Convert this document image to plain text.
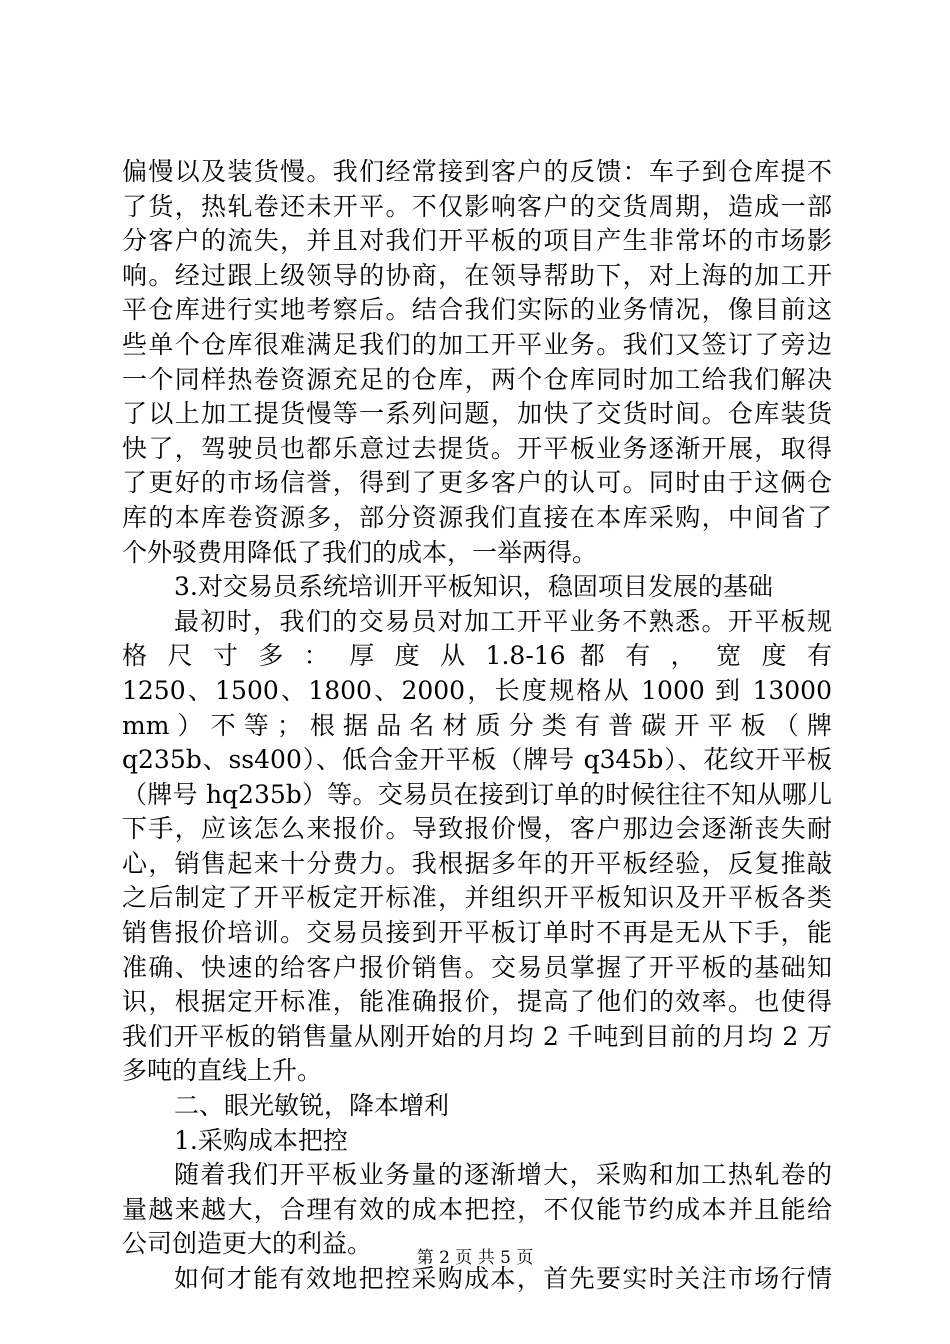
偏慢以及装货慢。我们经常接到客户的反馈：车子到仓库提不
了货，热轧卷还未开平。不仅影响客户的交货周期，造成一部
分客户的流失，并且对我们开平板的项目产生非常坏的市场影
响。经过跟上级领导的协商，在领导帮助下，对上海的加工开
平仓库进行实地考察后。结合我们实际的业务情况，像目前这
些单个仓库很难满足我们的加工开平业务。我们又签订了旁边
一个同样热卷资源充足的仓库，两个仓库同时加工给我们解决
了以上加工提货慢等一系列问题，加快了交货时间。仓库装货
快了，驾驶员也都乐意过去提货。开平板业务逐渐开展，取得
了更好的市场信誉，得到了更多客户的认可。同时由于这俩仓
库的本库卷资源多，部分资源我们直接在本库采购，中间省了
个外驳费用降低了我们的成本，一举两得。
3.对交易员系统培训开平板知识，稳固项目发展的基础
最初时，我们的交易员对加工开平业务不熟悉。开平板规
格 尺 寸 多 ： 厚 度 从 1.8-16 都 有 ， 宽 度 有
1250、1500、1800、2000，长度规格从 1000 到 13000
mm ） 不 等 ； 根 据 品 名 材 质 分 类 有 普 碳 开 平 板 （ 牌
q235b、ss400）、低合金开平板（牌号 q345b）、花纹开平板
（牌号 hq235b）等。交易员在接到订单的时候往往不知从哪儿
下手，应该怎么来报价。导致报价慢，客户那边会逐渐丧失耐
心，销售起来十分费力。我根据多年的开平板经验，反复推敲
之后制定了开平板定开标准，并组织开平板知识及开平板各类
销售报价培训。交易员接到开平板订单时不再是无从下手，能
准确、快速的给客户报价销售。交易员掌握了开平板的基础知
识，根据定开标准，能准确报价，提高了他们的效率。也使得
我们开平板的销售量从刚开始的月均 2 千吨到目前的月均 2 万
多吨的直线上升。
二、眼光敏锐，降本增利
1.采购成本把控
随着我们开平板业务量的逐渐增大，采购和加工热轧卷的
量越来越大，合理有效的成本把控，不仅能节约成本并且能给
公司创造更大的利益。
如何才能有效地把控采购成本，首先要实时关注市场行情
第 2 页 共 5 页
